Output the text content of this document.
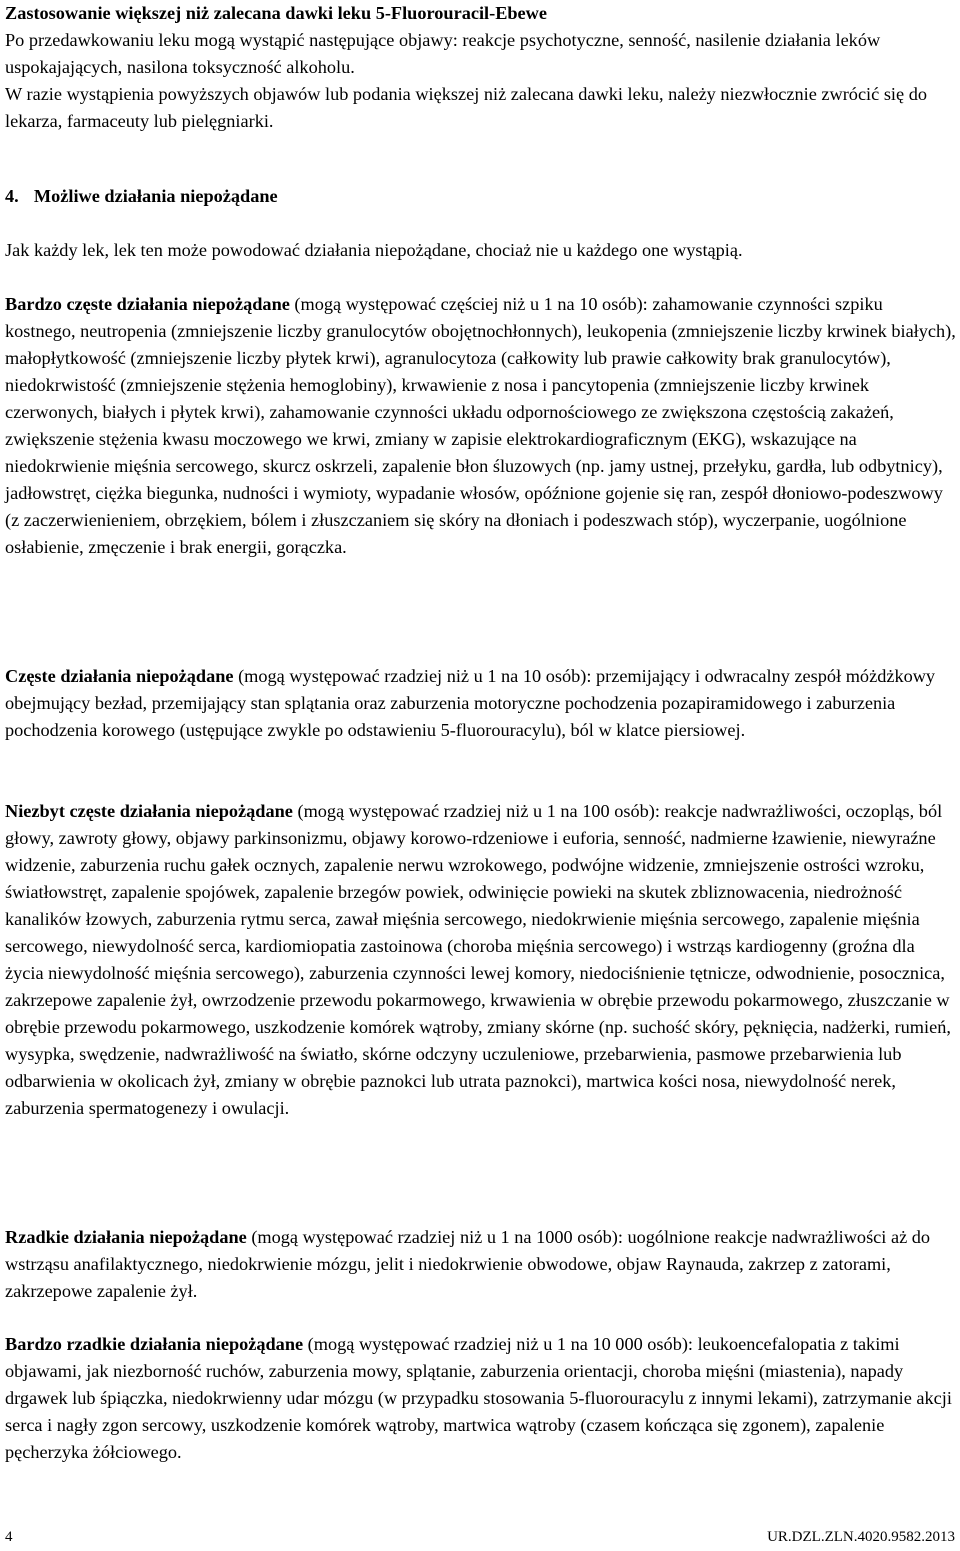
Zastosowanie większej niż zalecana dawki leku 5-Fluorouracil-Ebewe

Po przedawkowaniu leku mogą wystąpić następujące objawy: reakcje psychotyczne, senność, nasilenie działania leków uspokajających, nasilona toksyczność alkoholu.

W razie wystąpienia powyższych objawów lub podania większej niż zalecana dawki leku, należy niezwłocznie zwrócić się do lekarza, farmaceuty lub pielęgniarki.

4. Możliwe działania niepożądane

Jak każdy lek, lek ten może powodować działania niepożądane, chociaż nie u każdego one wystąpią.

Bardzo częste działania niepożądane (mogą występować częściej niż u 1 na 10 osób): zahamowanie czynności szpiku kostnego, neutropenia (zmniejszenie liczby granulocytów obojętnochłonnych), leukopenia (zmniejszenie liczby krwinek białych), małopłytkowość (zmniejszenie liczby płytek krwi), agranulocytoza (całkowity lub prawie całkowity brak granulocytów), niedokrwistość (zmniejszenie stężenia hemoglobiny), krwawienie z nosa i pancytopenia (zmniejszenie liczby krwinek czerwonych, białych i płytek krwi), zahamowanie czynności układu odpornościowego ze zwiększona częstością zakażeń, zwiększenie stężenia kwasu moczowego we krwi, zmiany w zapisie elektrokardiograficznym (EKG), wskazujące na niedokrwienie mięśnia sercowego, skurcz oskrzeli, zapalenie błon śluzowych (np. jamy ustnej, przełyku, gardła, lub odbytnicy), jadłowstręt, ciężka biegunka, nudności i wymioty, wypadanie włosów, opóźnione gojenie się ran, zespół dłoniowo-podeszwowy (z zaczerwienieniem, obrzękiem, bólem i złuszczaniem się skóry na dłoniach i podeszwach stóp), wyczerpanie, uogólnione osłabienie, zmęczenie i brak energii, gorączka.

Częste działania niepożądane (mogą występować rzadziej niż u 1 na 10 osób): przemijający i odwracalny zespół móżdżkowy obejmujący bezład, przemijający stan splątania oraz zaburzenia motoryczne pochodzenia pozapiramidowego i zaburzenia pochodzenia korowego (ustępujące zwykle po odstawieniu 5-fluorouracylu), ból w klatce piersiowej.

Niezbyt częste działania niepożądane (mogą występować rzadziej niż u 1 na 100 osób): reakcje nadwrażliwości, oczopląs, ból głowy, zawroty głowy, objawy parkinsonizmu, objawy korowo-rdzeniowe i euforia, senność, nadmierne łzawienie, niewyraźne widzenie, zaburzenia ruchu gałek ocznych, zapalenie nerwu wzrokowego, podwójne widzenie, zmniejszenie ostrości wzroku, światłowstręt, zapalenie spojówek, zapalenie brzegów powiek, odwinięcie powieki na skutek zbliznowacenia, niedrożność kanalików łzowych, zaburzenia rytmu serca, zawał mięśnia sercowego, niedokrwienie mięśnia sercowego, zapalenie mięśnia sercowego, niewydolność serca, kardiomiopatia zastoinowa (choroba mięśnia sercowego) i wstrząs kardiogenny (groźna dla życia niewydolność mięśnia sercowego), zaburzenia czynności lewej komory, niedociśnienie tętnicze, odwodnienie, posocznica, zakrzepowe zapalenie żył, owrzodzenie przewodu pokarmowego, krwawienia w obrębie przewodu pokarmowego, złuszczanie w obrębie przewodu pokarmowego, uszkodzenie komórek wątroby, zmiany skórne (np. suchość skóry, pęknięcia, nadżerki, rumień, wysypka, swędzenie, nadwrażliwość na światło, skórne odczyny uczuleniowe, przebarwienia, pasmowe przebarwienia lub odbarwienia w okolicach żył, zmiany w obrębie paznokci lub utrata paznokci), martwica kości nosa, niewydolność nerek, zaburzenia spermatogenezy i owulacji.

Rzadkie działania niepożądane (mogą występować rzadziej niż u 1 na 1000 osób): uogólnione reakcje nadwrażliwości aż do wstrząsu anafilaktycznego, niedokrwienie mózgu, jelit i niedokrwienie obwodowe, objaw Raynauda, zakrzep z zatorami, zakrzepowe zapalenie żył.

Bardzo rzadkie działania niepożądane (mogą występować rzadziej niż u 1 na 10 000 osób): leukoencefalopatia z takimi objawami, jak niezborność ruchów, zaburzenia mowy, splątanie, zaburzenia orientacji, choroba mięśni (miastenia), napady drgawek lub śpiączka, niedokrwienny udar mózgu (w przypadku stosowania 5-fluorouracylu z innymi lekami), zatrzymanie akcji serca i nagły zgon sercowy, uszkodzenie komórek wątroby, martwica wątroby (czasem kończąca się zgonem), zapalenie pęcherzyka żółciowego.

4	UR.DZL.ZLN.4020.9582.2013
